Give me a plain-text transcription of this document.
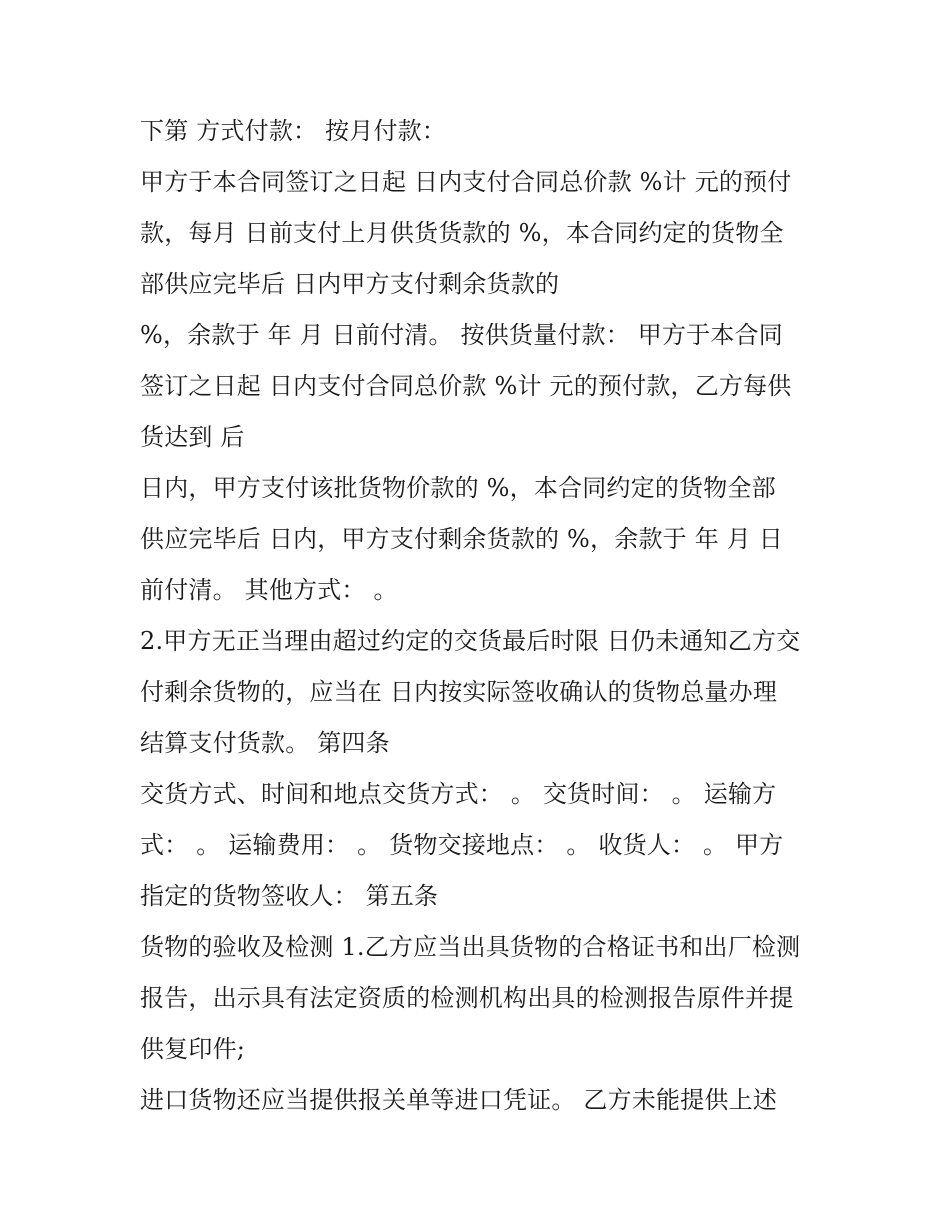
下第 方式付款： 按月付款：
甲方于本合同签订之日起 日内支付合同总价款 %计 元的预付
款，每月 日前支付上月供货货款的 %，本合同约定的货物全
部供应完毕后 日内甲方支付剩余货款的
%，余款于 年 月 日前付清。 按供货量付款： 甲方于本合同
签订之日起 日内支付合同总价款 %计 元的预付款，乙方每供
货达到 后
日内，甲方支付该批货物价款的 %，本合同约定的货物全部
供应完毕后 日内，甲方支付剩余货款的 %，余款于 年 月 日
前付清。 其他方式： 。
2.甲方无正当理由超过约定的交货最后时限 日仍未通知乙方交
付剩余货物的，应当在 日内按实际签收确认的货物总量办理
结算支付货款。 第四条
交货方式、时间和地点交货方式： 。 交货时间： 。 运输方
式： 。 运输费用： 。 货物交接地点： 。 收货人： 。 甲方
指定的货物签收人： 第五条
货物的验收及检测 1.乙方应当出具货物的合格证书和出厂检测
报告，出示具有法定资质的检测机构出具的检测报告原件并提
供复印件;
进口货物还应当提供报关单等进口凭证。 乙方未能提供上述
